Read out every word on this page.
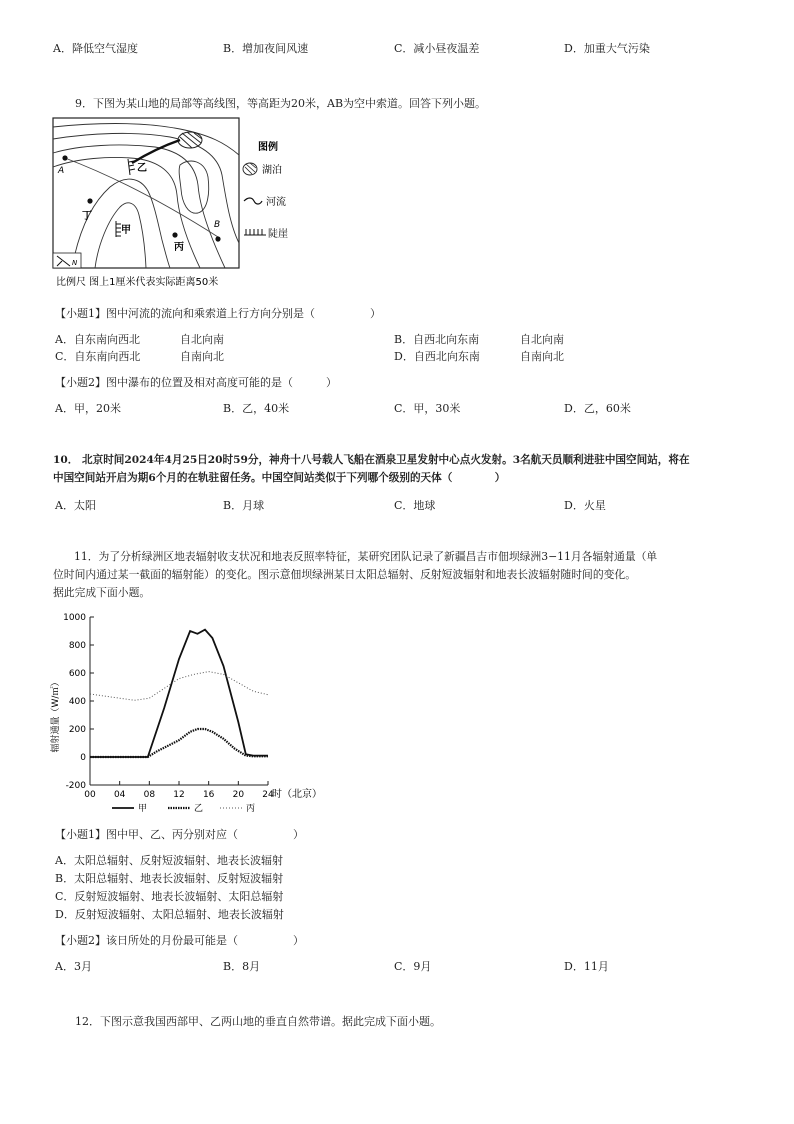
A．降低空气湿度	B．增加夜间风速	C．减小昼夜温差	D．加重大气污染
9．下图为某山地的局部等高线图，等高距为20米，AB为空中索道。回答下列小题。
A
B
乙
丁
甲
丙
N
图例
湖泊
河流
陡崖
比例尺 图上1厘米代表实际距离50米
【小题1】图中河流的流向和乘索道上行方向分别是（　　　　　）
A．自东南向西北	自北向南	B．自西北向东南	自北向南
C．自东南向西北	自南向北	D．自西北向东南	自南向北
【小题2】图中瀑布的位置及相对高度可能的是（　　　）
A．甲，20米	B．乙，40米	C．甲，30米	D．乙，60米
10． 北京时间2024年4月25日20时59分，神舟十八号载人飞船在酒泉卫星发射中心点火发射。3名航天员顺利进驻中国空间站，将在
中国空间站开启为期6个月的在轨驻留任务。中国空间站类似于下列哪个级别的天体（　　　　）
A．太阳	B．月球	C．地球	D．火星
11．为了分析绿洲区地表辐射收支状况和地表反照率特征，某研究团队记录了新疆昌吉市佃坝绿洲3−11月各辐射通量（单
位时间内通过某一截面的辐射能）的变化。图示意佃坝绿洲某日太阳总辐射、反射短波辐射和地表长波辐射随时间的变化。
据此完成下面小题。
1000
800
600
400
200
0
-200
00 04 08 12 16 20 24
辐射通量（W/㎡）
时（北京）
甲	乙	丙
【小题1】图中甲、乙、丙分别对应（　　　　　）
A．太阳总辐射、反射短波辐射、地表长波辐射
B．太阳总辐射、地表长波辐射、反射短波辐射
C．反射短波辐射、地表长波辐射、太阳总辐射
D．反射短波辐射、太阳总辐射、地表长波辐射
【小题2】该日所处的月份最可能是（　　　　　）
A．3月	B．8月	C．9月	D．11月
12．下图示意我国西部甲、乙两山地的垂直自然带谱。据此完成下面小题。
